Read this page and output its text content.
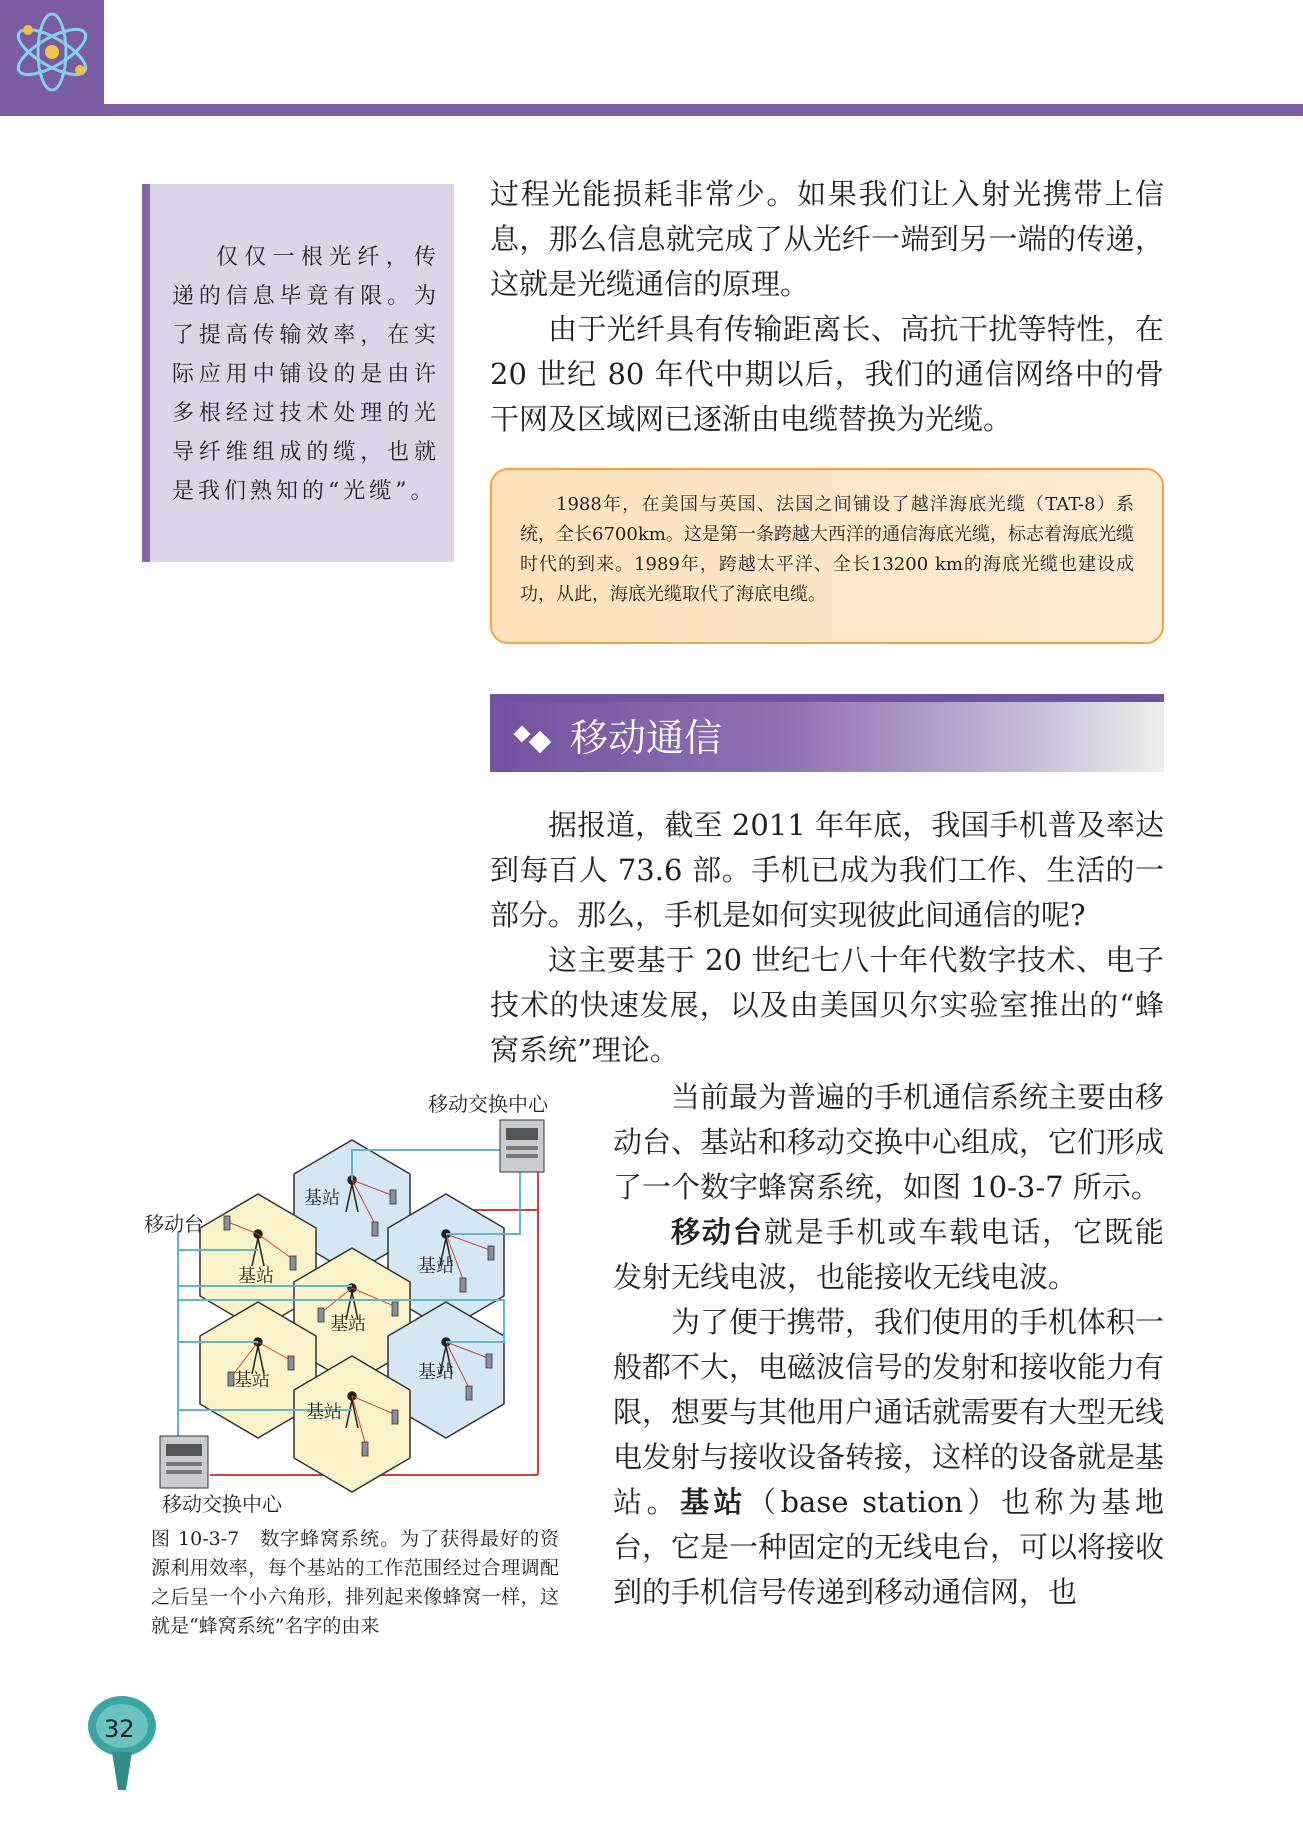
仅仅一根光纤，传递的信息毕竟有限。为了提高传输效率，在实际应用中铺设的是由许多根经过技术处理的光导纤维组成的缆，也就是我们熟知的“光缆”。

过程光能损耗非常少。如果我们让入射光携带上信息，那么信息就完成了从光纤一端到另一端的传递，这就是光缆通信的原理。

由于光纤具有传输距离长、高抗干扰等特性，在 20 世纪 80 年代中期以后，我们的通信网络中的骨干网及区域网已逐渐由电缆替换为光缆。

1988年，在美国与英国、法国之间铺设了越洋海底光缆（TAT-8）系统，全长6700km。这是第一条跨越大西洋的通信海底光缆，标志着海底光缆时代的到来。1989年，跨越太平洋、全长13200 km的海底光缆也建设成功，从此，海底光缆取代了海底电缆。

移动通信

据报道，截至 2011 年年底，我国手机普及率达到每百人 73.6 部。手机已成为我们工作、生活的一部分。那么，手机是如何实现彼此间通信的呢?

这主要基于 20 世纪七八十年代数字技术、电子技术的快速发展，以及由美国贝尔实验室推出的“蜂窝系统”理论。

当前最为普遍的手机通信系统主要由移动台、基站和移动交换中心组成，它们形成了一个数字蜂窝系统，如图 10-3-7 所示。

移动台就是手机或车载电话，它既能发射无线电波，也能接收无线电波。

为了便于携带，我们使用的手机体积一般都不大，电磁波信号的发射和接收能力有限，想要与其他用户通话就需要有大型无线电发射与接收设备转接，这样的设备就是基站。基站（base station）也称为基地台，它是一种固定的无线电台，可以将接收到的手机信号传递到移动通信网，也

移动交换中心
移动台
移动交换中心
基站
基站	基站
基站
基站	基站
基站

图 10-3-7　数字蜂窝系统。为了获得最好的资源利用效率，每个基站的工作范围经过合理调配之后呈一个小六角形，排列起来像蜂窝一样，这就是“蜂窝系统”名字的由来

32
